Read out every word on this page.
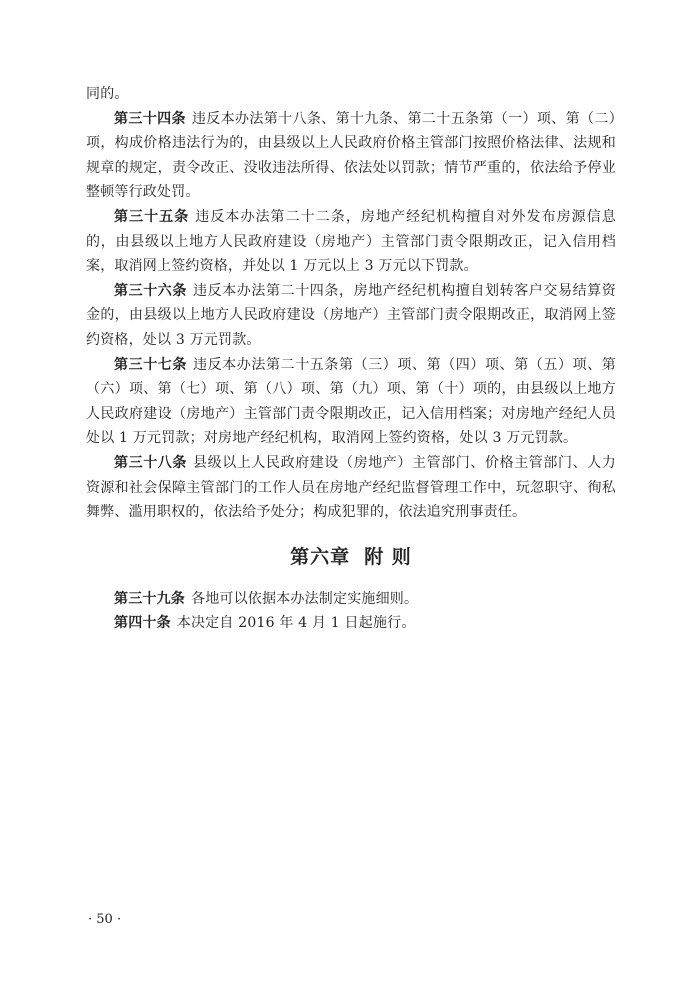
同的。

第三十四条 违反本办法第十八条、第十九条、第二十五条第（一）项、第（二）项，构成价格违法行为的，由县级以上人民政府价格主管部门按照价格法律、法规和规章的规定，责令改正、没收违法所得、依法处以罚款；情节严重的，依法给予停业整顿等行政处罚。

第三十五条 违反本办法第二十二条，房地产经纪机构擅自对外发布房源信息的，由县级以上地方人民政府建设（房地产）主管部门责令限期改正，记入信用档案，取消网上签约资格，并处以 1 万元以上 3 万元以下罚款。

第三十六条 违反本办法第二十四条，房地产经纪机构擅自划转客户交易结算资金的，由县级以上地方人民政府建设（房地产）主管部门责令限期改正，取消网上签约资格，处以 3 万元罚款。

第三十七条 违反本办法第二十五条第（三）项、第（四）项、第（五）项、第（六）项、第（七）项、第（八）项、第（九）项、第（十）项的，由县级以上地方人民政府建设（房地产）主管部门责令限期改正，记入信用档案；对房地产经纪人员处以 1 万元罚款；对房地产经纪机构，取消网上签约资格，处以 3 万元罚款。

第三十八条 县级以上人民政府建设（房地产）主管部门、价格主管部门、人力资源和社会保障主管部门的工作人员在房地产经纪监督管理工作中，玩忽职守、徇私舞弊、滥用职权的，依法给予处分；构成犯罪的，依法追究刑事责任。

第六章 附 则

第三十九条 各地可以依据本办法制定实施细则。

第四十条 本决定自 2016 年 4 月 1 日起施行。

· 50 ·
